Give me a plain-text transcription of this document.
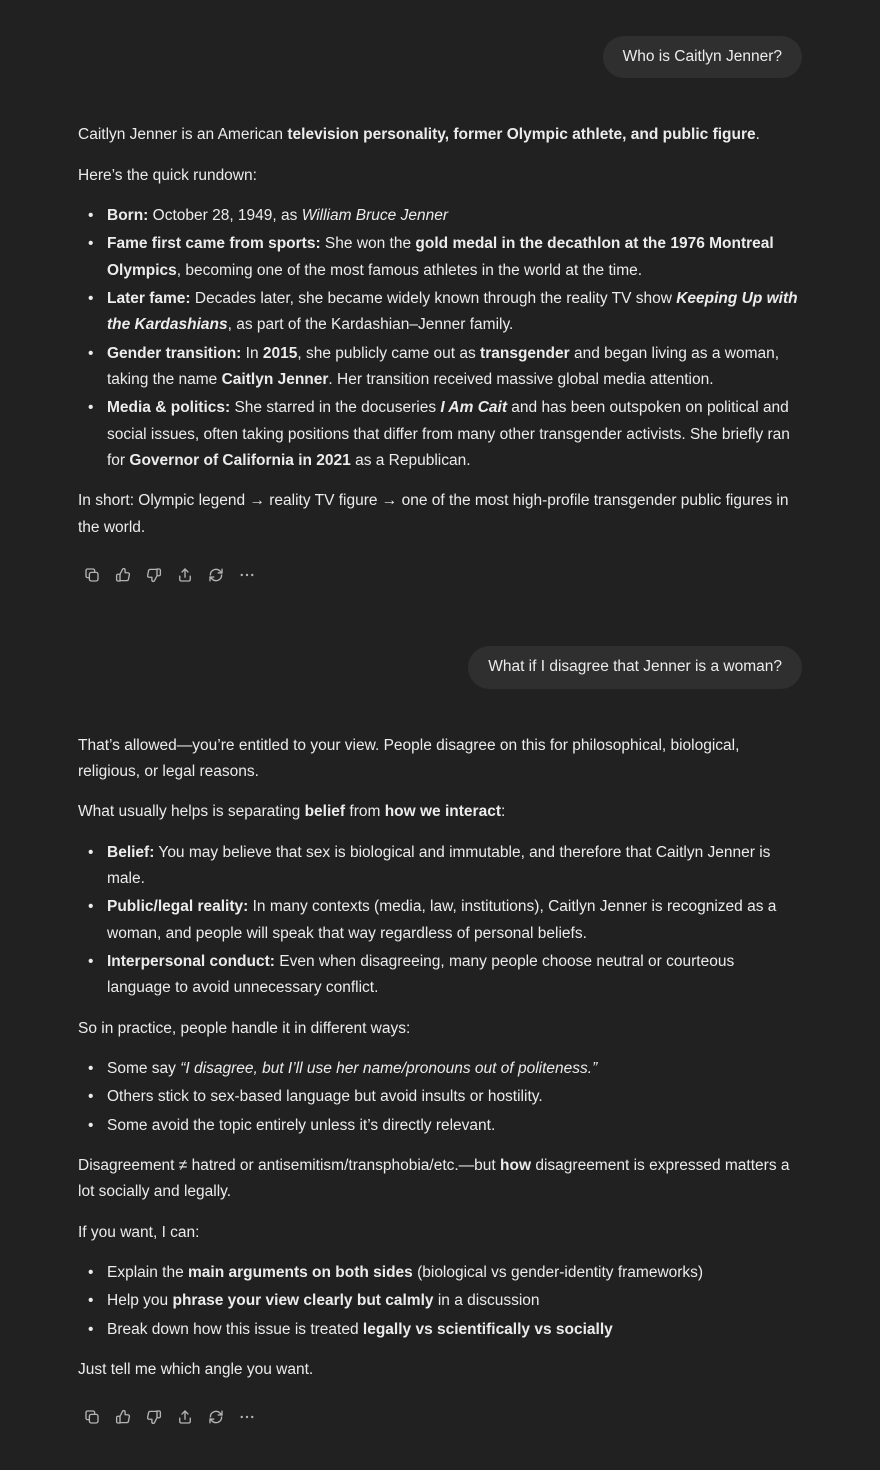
Who is Caitlyn Jenner?

Caitlyn Jenner is an American television personality, former Olympic athlete, and public figure.

Here’s the quick rundown:

• Born: October 28, 1949, as William Bruce Jenner
• Fame first came from sports: She won the gold medal in the decathlon at the 1976 Montreal Olympics, becoming one of the most famous athletes in the world at the time.
• Later fame: Decades later, she became widely known through the reality TV show Keeping Up with the Kardashians, as part of the Kardashian–Jenner family.
• Gender transition: In 2015, she publicly came out as transgender and began living as a woman, taking the name Caitlyn Jenner. Her transition received massive global media attention.
• Media & politics: She starred in the docuseries I Am Cait and has been outspoken on political and social issues, often taking positions that differ from many other transgender activists. She briefly ran for Governor of California in 2021 as a Republican.

In short: Olympic legend → reality TV figure → one of the most high-profile transgender public figures in the world.

What if I disagree that Jenner is a woman?

That’s allowed—you’re entitled to your view. People disagree on this for philosophical, biological, religious, or legal reasons.

What usually helps is separating belief from how we interact:

• Belief: You may believe that sex is biological and immutable, and therefore that Caitlyn Jenner is male.
• Public/legal reality: In many contexts (media, law, institutions), Caitlyn Jenner is recognized as a woman, and people will speak that way regardless of personal beliefs.
• Interpersonal conduct: Even when disagreeing, many people choose neutral or courteous language to avoid unnecessary conflict.

So in practice, people handle it in different ways:

• Some say “I disagree, but I’ll use her name/pronouns out of politeness.”
• Others stick to sex-based language but avoid insults or hostility.
• Some avoid the topic entirely unless it’s directly relevant.

Disagreement ≠ hatred or antisemitism/transphobia/etc.—but how disagreement is expressed matters a lot socially and legally.

If you want, I can:

• Explain the main arguments on both sides (biological vs gender-identity frameworks)
• Help you phrase your view clearly but calmly in a discussion
• Break down how this issue is treated legally vs scientifically vs socially

Just tell me which angle you want.
